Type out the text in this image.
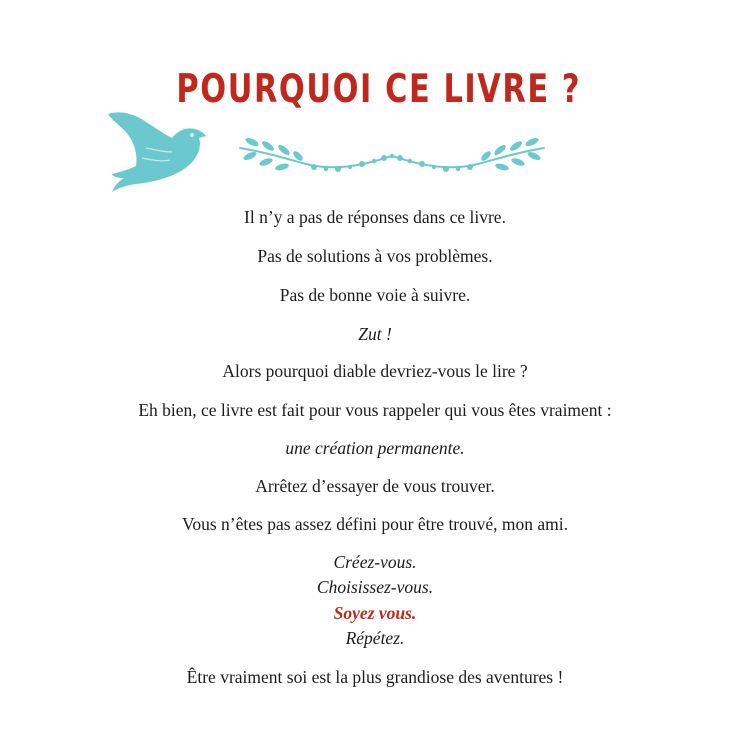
POURQUOI CE LIVRE ?
Il n’y a pas de réponses dans ce livre.
Pas de solutions à vos problèmes.
Pas de bonne voie à suivre.
Zut !
Alors pourquoi diable devriez-vous le lire ?
Eh bien, ce livre est fait pour vous rappeler qui vous êtes vraiment :
une création permanente.
Arrêtez d’essayer de vous trouver.
Vous n’êtes pas assez défini pour être trouvé, mon ami.
Créez-vous.
Choisissez-vous.
Soyez vous.
Répétez.
Être vraiment soi est la plus grandiose des aventures !
